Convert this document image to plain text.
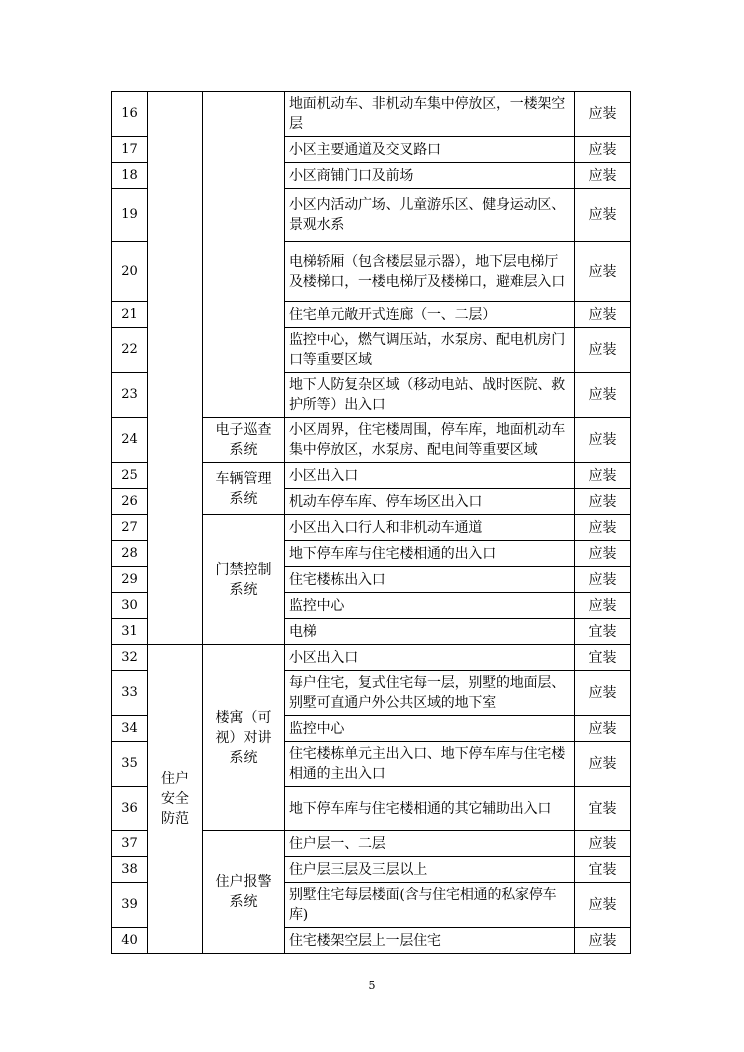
16			地面机动车、非机动车集中停放区，一楼架空层	应装
17			小区主要通道及交叉路口	应装
18			小区商铺门口及前场	应装
19			小区内活动广场、儿童游乐区、健身运动区、景观水系	应装
20			电梯轿厢（包含楼层显示器），地下层电梯厅及楼梯口，一楼电梯厅及楼梯口，避难层入口	应装
21			住宅单元敞开式连廊（一、二层）	应装
22			监控中心，燃气调压站，水泵房、配电机房门口等重要区域	应装
23			地下人防复杂区域（移动电站、战时医院、救护所等）出入口	应装
24		电子巡查系统	小区周界，住宅楼周围，停车库，地面机动车集中停放区，水泵房、配电间等重要区域	应装
25		车辆管理系统	小区出入口	应装
26			机动车停车库、停车场区出入口	应装
27		门禁控制系统	小区出入口行人和非机动车通道	应装
28			地下停车库与住宅楼相通的出入口	应装
29			住宅楼栋出入口	应装
30			监控中心	应装
31			电梯	宜装
32	住户安全防范	楼寓（可视）对讲系统	小区出入口	宜装
33			每户住宅，复式住宅每一层，别墅的地面层、别墅可直通户外公共区域的地下室	应装
34			监控中心	应装
35			住宅楼栋单元主出入口、地下停车库与住宅楼相通的主出入口	应装
36			地下停车库与住宅楼相通的其它辅助出入口	宜装
37		住户报警系统	住户层一、二层	应装
38			住户层三层及三层以上	宜装
39			别墅住宅每层楼面(含与住宅相通的私家停车库)	应装
40			住宅楼架空层上一层住宅	应装
5
